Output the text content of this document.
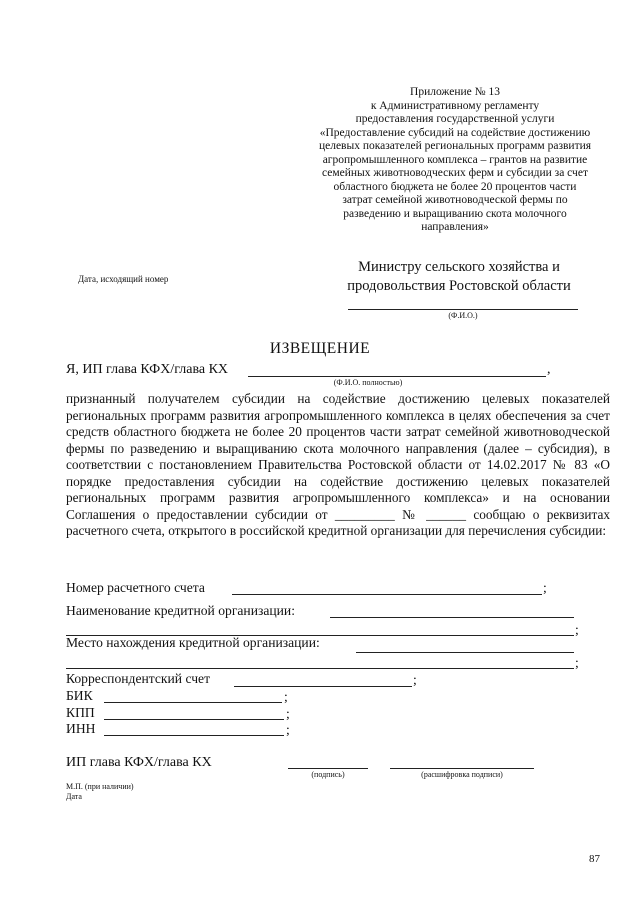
Приложение № 13
к Административному регламенту
предоставления государственной услуги
«Предоставление субсидий на содействие достижению
целевых показателей региональных программ развития
агропромышленного комплекса – грантов на развитие
семейных животноводческих ферм и субсидии за счет
областного бюджета не более 20 процентов части
затрат семейной животноводческой фермы по
разведению и выращиванию скота молочного
направления»
Дата, исходящий номер
Министру сельского хозяйства и
продовольствия Ростовской области
(Ф.И.О.)
ИЗВЕЩЕНИЕ
Я, ИП глава КФХ/глава КХ	,
(Ф.И.О. полностью)
признанный получателем субсидии на содействие достижению целевых показателей региональных программ развития агропромышленного комплекса в целях обеспечения за счет средств областного бюджета не более 20 процентов части затрат семейной животноводческой фермы по разведению и выращиванию скота молочного направления (далее – субсидия), в соответствии с постановлением Правительства Ростовской области от 14.02.2017 № 83 «О порядке предоставления субсидии на содействие достижению целевых показателей региональных программ развития агропромышленного комплекса» и на основании Соглашения о предоставлении субсидии от _________ № ______ сообщаю о реквизитах расчетного счета, открытого в российской кредитной организации для перечисления субсидии:
Номер расчетного счета	;
Наименование кредитной организации:
;
Место нахождения кредитной организации:
;
Корреспондентский счет	;
БИК	;
КПП	;
ИНН	;
ИП глава КФХ/глава КХ
(подпись)	(расшифровка подписи)
М.П. (при наличии)
Дата
87
